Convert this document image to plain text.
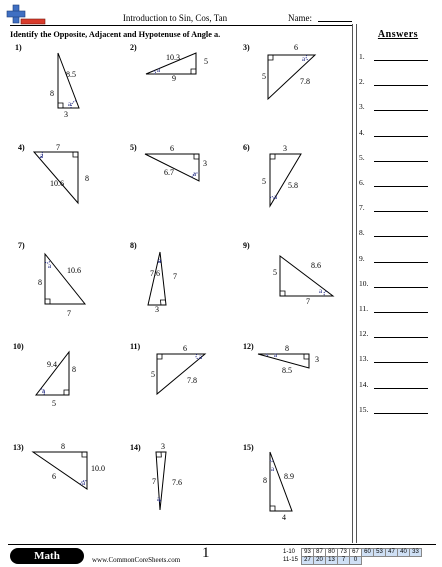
Introduction to Sin, Cos, Tan	Name:
Identify the Opposite, Adjacent and Hypotenuse of Angle a.	Answers
1.
2.
3.
4.
5.
6.
7.
8.
9.
10.
11.
12.
13.
14.
15.
1)
a
8
8.5
3
2)
a
10.3	5
9
3)
a
6
5
7.8
4)
a
7
10.6
8
5)
a
6
3
6.7
6)
a
3
5	5.8
7)
a 10.6
8
7
8)
a
7.6 7
3
9)
a
8.6
5
7
10)
a
9.4
8
5
11)
a
6
5
7.8
12)
a
8
3
8.5
13)
a
8
10.0
6
14)
a
3
7 7.6
15)
a
8.9
8
4
Math	www.CommonCoreSheets.com 1	1-10	93	87	80	73	67	60	53	47	40	33
11-15	27	20	13	7	0					
